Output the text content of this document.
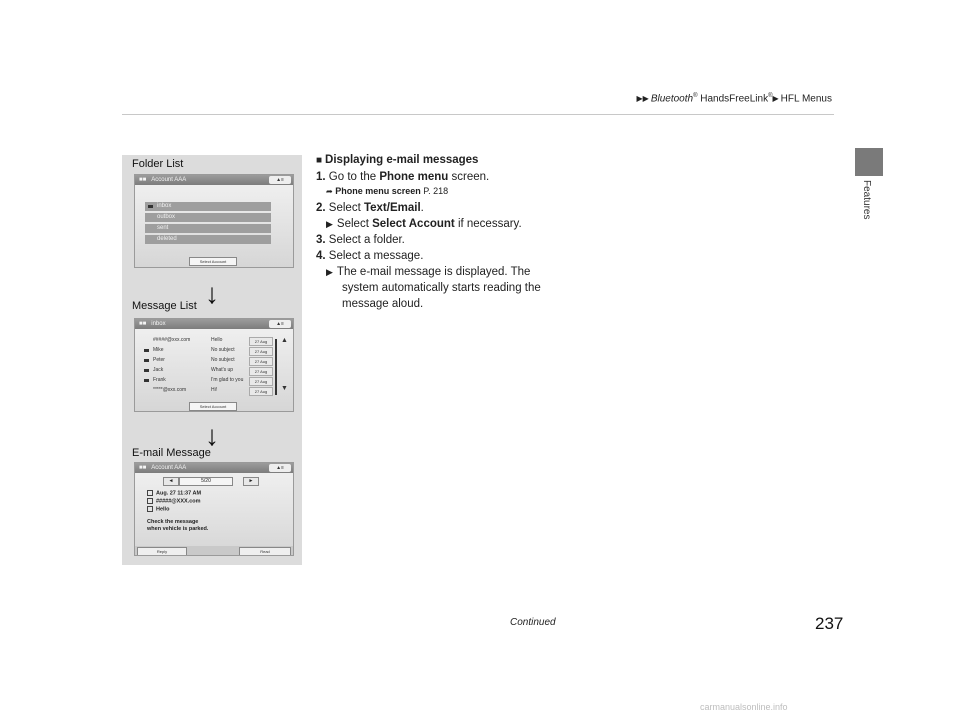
▶▶ Bluetooth® HandsFreeLink®▶ HFL Menus
Features
Folder List
↓
Message List
↓
E-mail Message
■■ Account AAA	▲≡
inbox
outbox
sent
deleted
Select Account
■■ inbox	▲≡
#####@xxx.com	Hello	27 Aug
Mike	No subject	27 Aug
Peter	No subject	27 Aug
Jack	What's up	27 Aug
Frank	I'm glad to you	27 Aug
*****@xxx.com	Hi!	27 Aug
▲
▼
Select Account
■■ Account AAA	▲≡
◄	5/20	►
Aug. 27 11:37 AM
#####@XXX.com
Hello
Check the message
when vehicle is parked.
Reply	Read
■ Displaying e-mail messages
1. Go to the Phone menu screen.
➦ Phone menu screen P. 218
2. Select Text/Email.
▶ Select Select Account if necessary.
3. Select a folder.
4. Select a message.
▶ The e-mail message is displayed. The
system automatically starts reading the
message aloud.
Continued	237
carmanualsonline.info
